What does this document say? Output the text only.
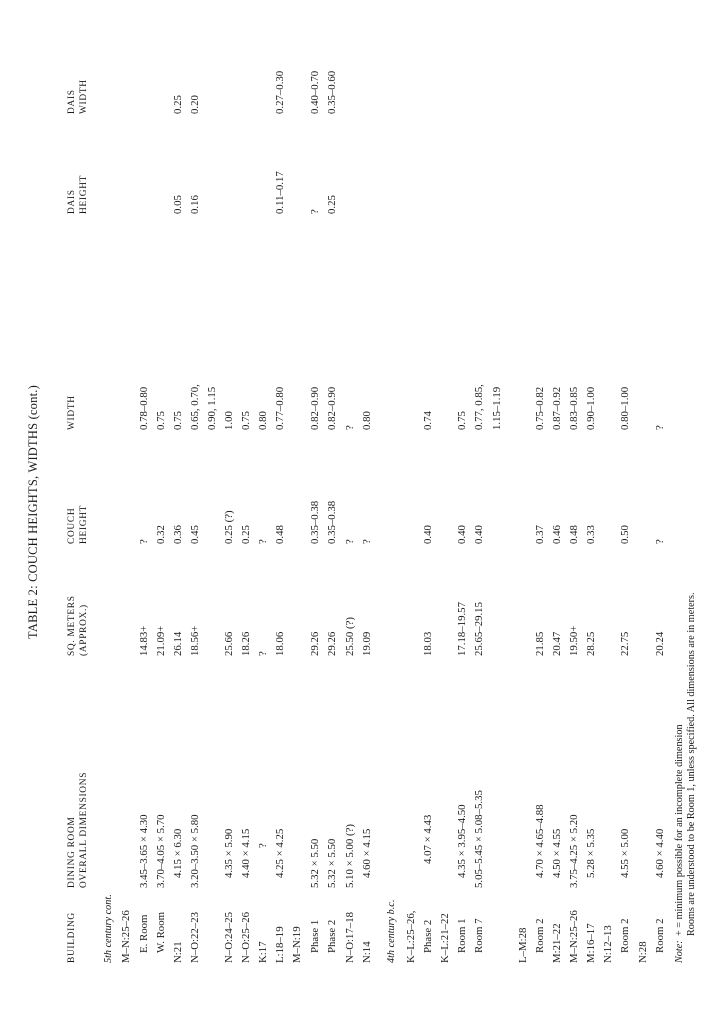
TABLE 2: COUCH HEIGHTS, WIDTHS (cont.)
BUILDING
DINING ROOM OVERALL DIMENSIONS
SQ. METERS (APPROX.)
COUCH HEIGHT
WIDTH
DAIS HEIGHT
DAIS WIDTH
5th century cont.	4th century b.c.
M–N:25–26 E. Room
3.45–3.65 × 4.30
14.83+
?
0.78–0.80
W. Room
3.70–4.05 × 5.70
21.09+
0.32
0.75
N:21
4.15 × 6.30
26.14
0.36
0.75
0.05
0.25
N–O:22–23
3.20–3.50 × 5.80
18.56+
0.45
0.65, 0.70,
0.16
0.20
0.90, 1.15
N–O:24–25
4.35 × 5.90
25.66
0.25 (?)
1.00
N–O:25–26
4.40 × 4.15
18.26
0.25
0.75
K:17
?
?
?
0.80
L:18–19
4.25 × 4.25
18.06
0.48
0.77–0.80
0.11–0.17
0.27–0.30
M–N:19 Phase 1
5.32 × 5.50
29.26
0.35–0.38
0.82–0.90
?
0.40–0.70
Phase 2
5.32 × 5.50
29.26
0.35–0.38
0.82–0.90
0.25
0.35–0.60
N–O:17–18
5.10 × 5.00 (?)
25.50 (?)
?
?
N:14
4.60 × 4.15
19.09
?
0.80
K–L:25–26, Phase 2
4.07 × 4.43
18.03
0.40
0.74
K–L:21–22 Room 1
4.35 × 3.95–4.50
17.18–19.57
0.40
0.75
Room 7
5.05–5.45 × 5.08–5.35
25.65–29.15
0.40
0.77, 0.85, 1.15–1.19
L–M:28 Room 2
4.70 × 4.65–4.88
21.85
0.37
0.75–0.82
M:21–22
4.50 × 4.55
20.47
0.46
0.87–0.92
M–N:25–26
3.75–4.25 × 5.20
19.50+
0.48
0.83–0.85
M:16–17
5.28 × 5.35
28.25
0.33
0.90–1.00
N:12–13 Room 2
4.55 × 5.00
22.75
0.50
0.80–1.00
N:28 Room 2
4.60 × 4.40
20.24
?
?
Note:
+ = minimum possible for an incomplete dimension Rooms are understood to be Room 1, unless specified. All dimensions are in meters.
